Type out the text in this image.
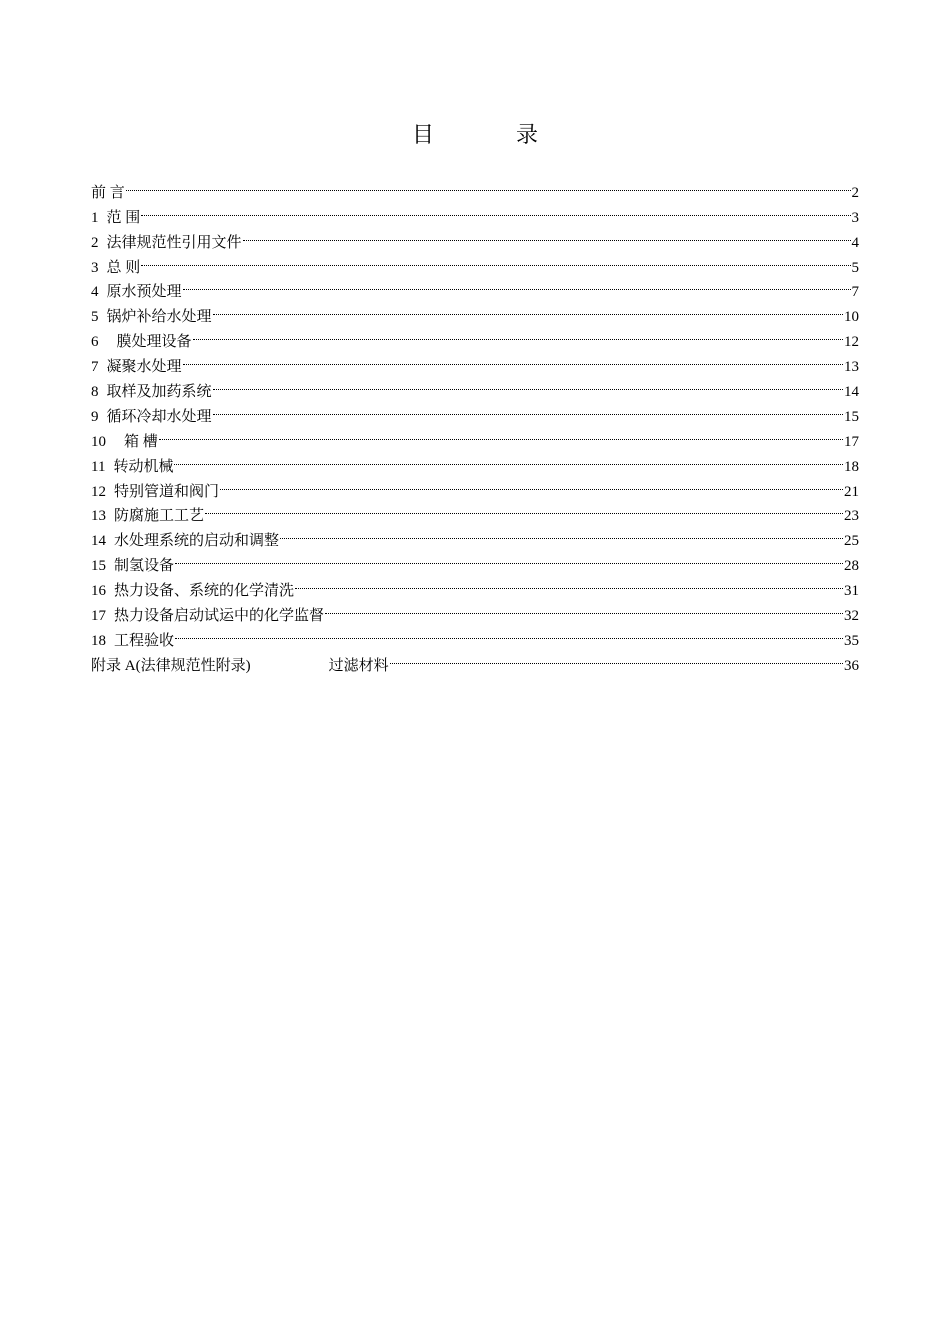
目　录
前 言	2
1 范 围	3
2 法律规范性引用文件	4
3 总 则	5
4 原水预处理	7
5 锅炉补给水处理	10
6 膜处理设备	12
7 凝聚水处理	13
8 取样及加药系统	14
9 循环冷却水处理	15
10 箱 槽	17
11 转动机械	18
12 特别管道和阀门	21
13 防腐施工工艺	23
14 水处理系统的启动和调整	25
15 制氢设备	28
16 热力设备、系统的化学清洗	31
17 热力设备启动试运中的化学监督	32
18 工程验收	35
附录 A(法律规范性附录)	过滤材料	36
